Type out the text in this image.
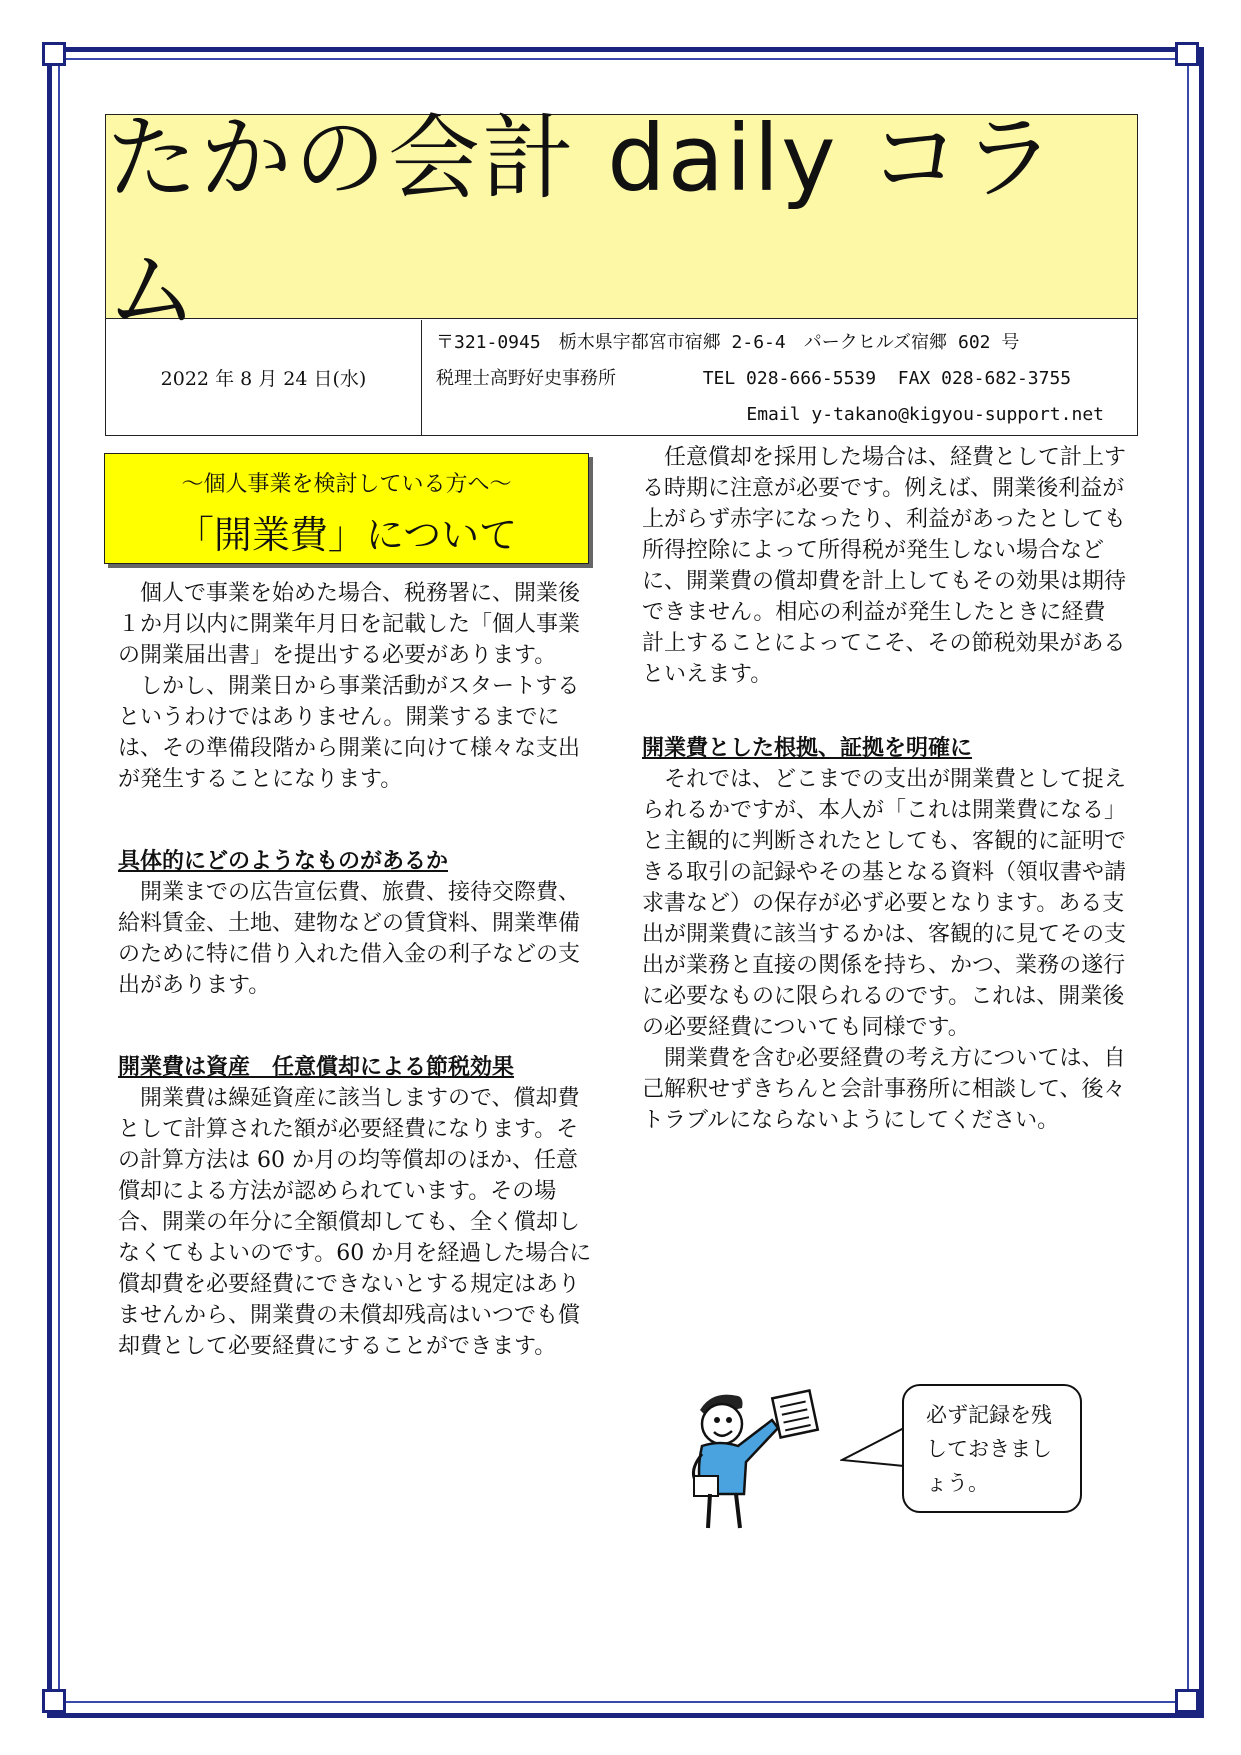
たかの会計 daily コラム
2022 年 8 月 24 日(水)
〒321-0945　栃木県宇都宮市宿郷 2-6-4　パークヒルズ宿郷 602 号
税理士高野好史事務所        TEL 028-666-5539  FAX 028-682-3755
Email y-takano@kigyou-support.net
～個人事業を検討している方へ～
「開業費」について

個人で事業を始めた場合、税務署に、開業後１か月以内に開業年月日を記載した「個人事業の開業届出書」を提出する必要があります。

しかし、開業日から事業活動がスタートするというわけではありません。開業するまでには、その準備段階から開業に向けて様々な支出が発生することになります。

具体的にどのようなものがあるか

開業までの広告宣伝費、旅費、接待交際費、給料賃金、土地、建物などの賃貸料、開業準備のために特に借り入れた借入金の利子などの支出があります。

開業費は資産　任意償却による節税効果

開業費は繰延資産に該当しますので、償却費として計算された額が必要経費になります。その計算方法は 60 か月の均等償却のほか、任意償却による方法が認められています。その場合、開業の年分に全額償却しても、全く償却しなくてもよいのです。60 か月を経過した場合に償却費を必要経費にできないとする規定はありませんから、開業費の未償却残高はいつでも償却費として必要経費にすることができます。

任意償却を採用した場合は、経費として計上する時期に注意が必要です。例えば、開業後利益が上がらず赤字になったり、利益があったとしても所得控除によって所得税が発生しない場合などに、開業費の償却費を計上してもその効果は期待できません。相応の利益が発生したときに経費計上することによってこそ、その節税効果があるといえます。

開業費とした根拠、証拠を明確に

それでは、どこまでの支出が開業費として捉えられるかですが、本人が「これは開業費になる」と主観的に判断されたとしても、客観的に証明できる取引の記録やその基となる資料（領収書や請求書など）の保存が必ず必要となります。ある支出が開業費に該当するかは、客観的に見てその支出が業務と直接の関係を持ち、かつ、業務の遂行に必要なものに限られるのです。これは、開業後の必要経費についても同様です。

開業費を含む必要経費の考え方については、自己解釈せずきちんと会計事務所に相談して、後々トラブルにならないようにしてください。

必ず記録を残
しておきまし
ょう。
